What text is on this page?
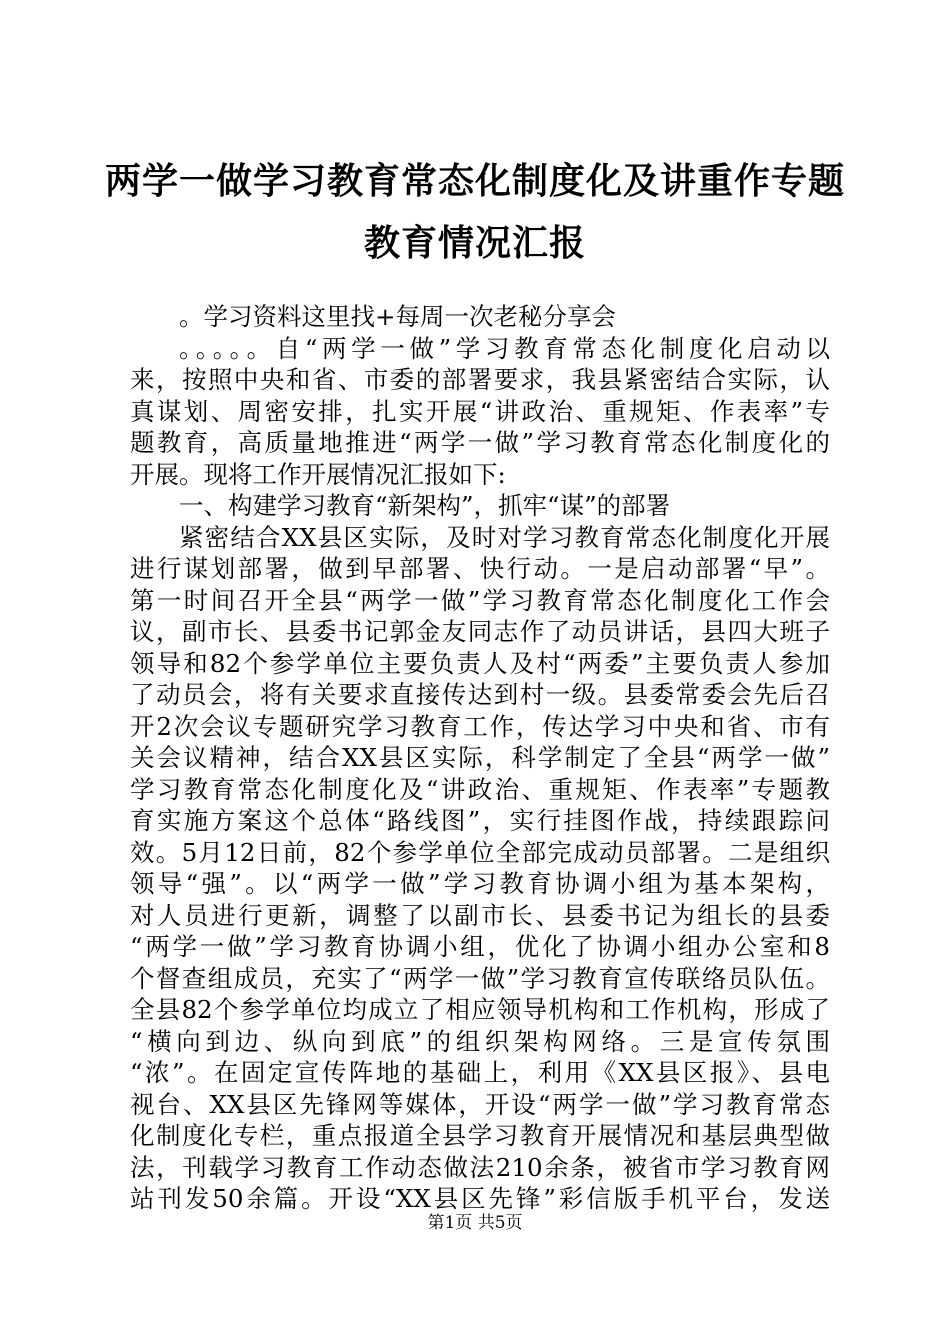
两学一做学习教育常态化制度化及讲重作专题
教育情况汇报
。学习资料这里找+每周一次老秘分享会
。。。。。自“两学一做”学习教育常态化制度化启动以
来，按照中央和省、市委的部署要求，我县紧密结合实际，认
真谋划、周密安排，扎实开展“讲政治、重规矩、作表率”专
题教育，高质量地推进“两学一做”学习教育常态化制度化的
开展。现将工作开展情况汇报如下:
一、构建学习教育“新架构”，抓牢“谋”的部署
紧密结合XX县区实际，及时对学习教育常态化制度化开展
进行谋划部署，做到早部署、快行动。一是启动部署“早”。
第一时间召开全县“两学一做”学习教育常态化制度化工作会
议，副市长、县委书记郭金友同志作了动员讲话，县四大班子
领导和82个参学单位主要负责人及村“两委”主要负责人参加
了动员会，将有关要求直接传达到村一级。县委常委会先后召
开2次会议专题研究学习教育工作，传达学习中央和省、市有
关会议精神，结合XX县区实际，科学制定了全县“两学一做”
学习教育常态化制度化及“讲政治、重规矩、作表率”专题教
育实施方案这个总体“路线图”，实行挂图作战，持续跟踪问
效。5月12日前，82个参学单位全部完成动员部署。二是组织
领导“强”。以“两学一做”学习教育协调小组为基本架构，
对人员进行更新，调整了以副市长、县委书记为组长的县委
“两学一做”学习教育协调小组，优化了协调小组办公室和8
个督查组成员，充实了“两学一做”学习教育宣传联络员队伍。
全县82个参学单位均成立了相应领导机构和工作机构，形成了
“横向到边、纵向到底”的组织架构网络。三是宣传氛围
“浓”。在固定宣传阵地的基础上，利用《XX县区报》、县电
视台、XX县区先锋网等媒体，开设“两学一做”学习教育常态
化制度化专栏，重点报道全县学习教育开展情况和基层典型做
法，刊载学习教育工作动态做法210余条，被省市学习教育网
站刊发50余篇。开设“XX县区先锋”彩信版手机平台，发送
第1页 共5页
